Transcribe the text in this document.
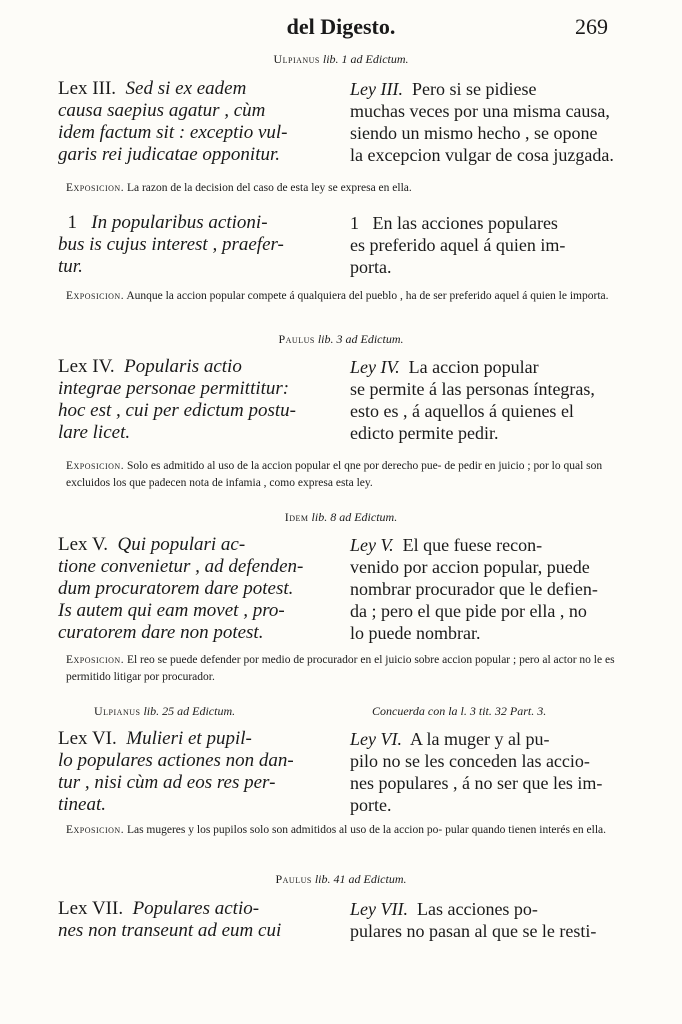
del Digesto.	269
Ulpianus lib. 1 ad Edictum.
Lex III. Sed si ex eadem
causa saepius agatur , cùm
idem factum sit : exceptio vul-
garis rei judicatae opponitur.
Ley III. Pero si se pidiese
muchas veces por una misma causa,
siendo un mismo hecho , se opone
la excepcion vulgar de cosa juzgada.
Exposicion. La razon de la decision del caso de esta ley se expresa en ella.
1 In popularibus actioni-
bus is cujus interest , praefer-
tur.
1 En las acciones populares
es preferido aquel á quien im-
porta.
Exposicion. Aunque la accion popular compete á qualquiera del pueblo , ha de ser preferido aquel á quien le importa.
Paulus lib. 3 ad Edictum.
Lex IV. Popularis actio
integrae personae permittitur:
hoc est , cui per edictum postu-
lare licet.
Ley IV. La accion popular
se permite á las personas íntegras,
esto es , á aquellos á quienes el
edicto permite pedir.
Exposicion. Solo es admitido al uso de la accion popular el qne por derecho pue- de pedir en juicio ; por lo qual son excluidos los que padecen nota de infamia , como expresa esta ley.
Idem lib. 8 ad Edictum.
Lex V. Qui populari ac-
tione convenietur , ad defenden-
dum procuratorem dare potest.
Is autem qui eam movet , pro-
curatorem dare non potest.
Ley V. El que fuese recon-
venido por accion popular, puede
nombrar procurador que le defien-
da ; pero el que pide por ella , no
lo puede nombrar.
Exposicion. El reo se puede defender por medio de procurador en el juicio sobre accion popular ; pero al actor no le es permitido litigar por procurador.
Ulpianus lib. 25 ad Edictum.	Concuerda con la l. 3 tit. 32 Part. 3.
Lex VI. Mulieri et pupil-
lo populares actiones non dan-
tur , nisi cùm ad eos res per-
tineat.
Ley VI. A la muger y al pu-
pilo no se les conceden las accio-
nes populares , á no ser que les im-
porte.
Exposicion. Las mugeres y los pupilos solo son admitidos al uso de la accion po- pular quando tienen interés en ella.
Paulus lib. 41 ad Edictum.
Lex VII. Populares actio-
nes non transeunt ad eum cui
Ley VII. Las acciones po-
pulares no pasan al que se le resti-
